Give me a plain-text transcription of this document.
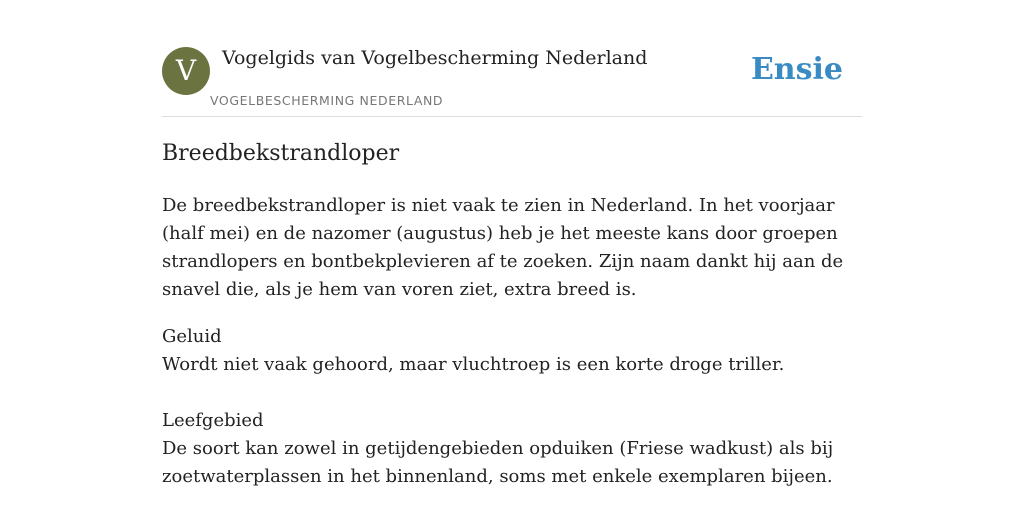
V	Vogelgids van Vogelbescherming Nederland
VOGELBESCHERMING NEDERLAND
Ensie
Breedbekstrandloper

De breedbekstrandloper is niet vaak te zien in Nederland. In het voorjaar (half mei) en de nazomer (augustus) heb je het meeste kans door groepen strandlopers en bontbekplevieren af te zoeken. Zijn naam dankt hij aan de snavel die, als je hem van voren ziet, extra breed is.

Geluid
Wordt niet vaak gehoord, maar vluchtroep is een korte droge triller.
Leefgebied
De soort kan zowel in getijdengebieden opduiken (Friese wadkust) als bij zoetwaterplassen in het binnenland, soms met enkele exemplaren bijeen.
